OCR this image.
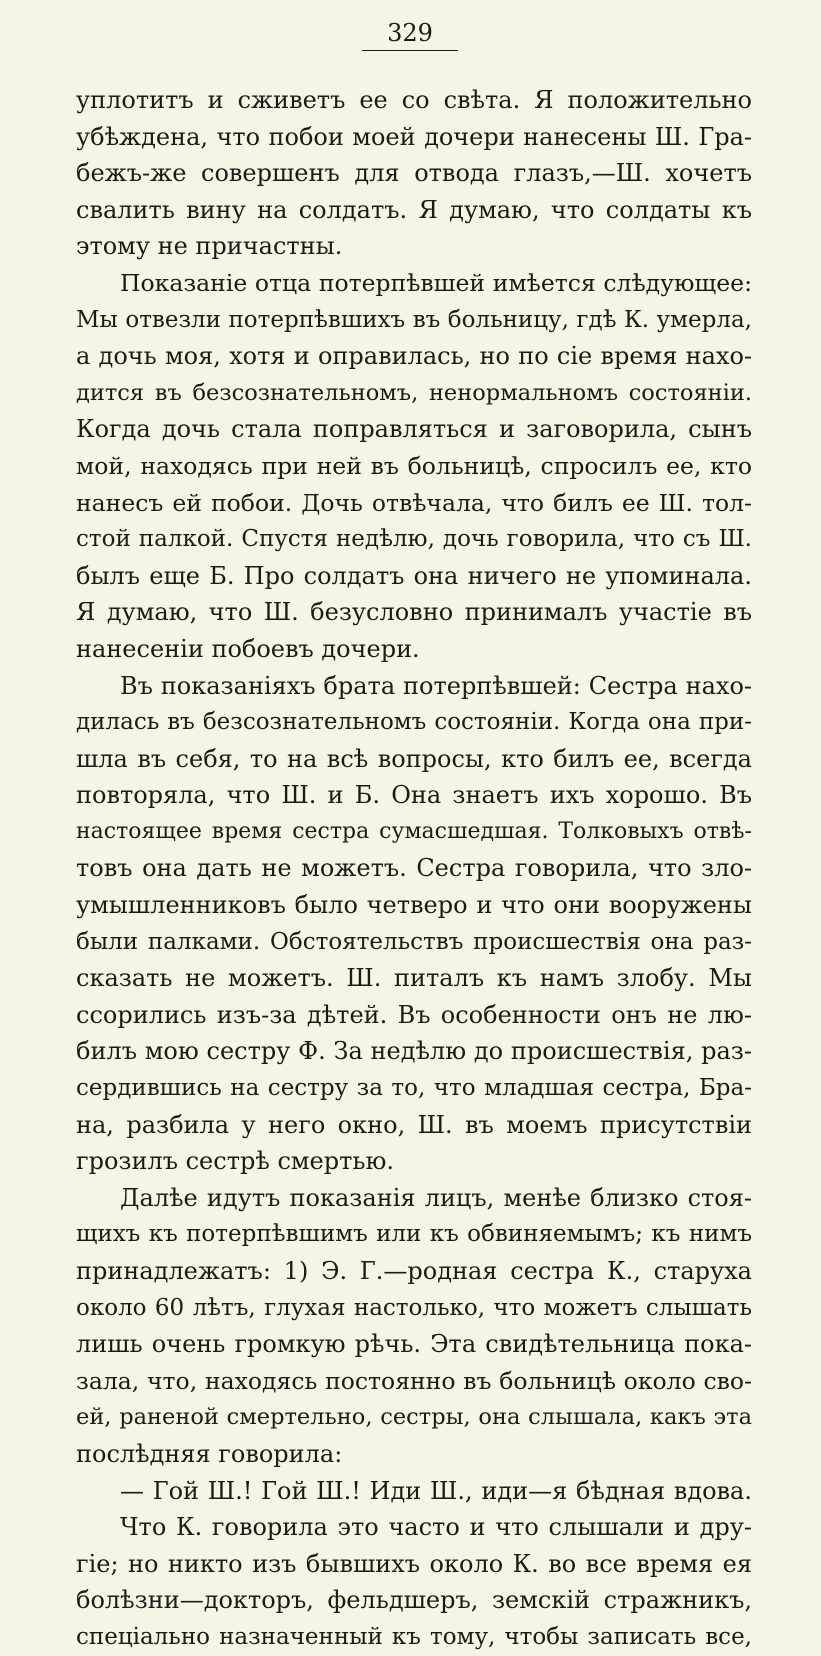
329
уплотитъ и сживетъ ее со свѣта. Я положительно
убѣждена, что побои моей дочери нанесены Ш. Гра-
бежъ-же совершенъ для отвода глазъ,—Ш. хочетъ
свалить вину на солдатъ. Я думаю, что солдаты къ
этому не причастны.
Показаніе отца потерпѣвшей имѣется слѣдующее:
Мы отвезли потерпѣвшихъ въ больницу, гдѣ К. умерла,
а дочь моя, хотя и оправилась, но по сіе время нахо-
дится въ безсознательномъ, ненормальномъ состояніи.
Когда дочь стала поправляться и заговорила, сынъ
мой, находясь при ней въ больницѣ, спросилъ ее, кто
нанесъ ей побои. Дочь отвѣчала, что билъ ее Ш. тол-
стой палкой. Спустя недѣлю, дочь говорила, что съ Ш.
былъ еще Б. Про солдатъ она ничего не упоминала.
Я думаю, что Ш. безусловно принималъ участіе въ
нанесеніи побоевъ дочери.
Въ показаніяхъ брата потерпѣвшей: Сестра нахо-
дилась въ безсознательномъ состояніи. Когда она при-
шла въ себя, то на всѣ вопросы, кто билъ ее, всегда
повторяла, что Ш. и Б. Она знаетъ ихъ хорошо. Въ
настоящее время сестра сумасшедшая. Толковыхъ отвѣ-
товъ она дать не можетъ. Сестра говорила, что зло-
умышленниковъ было четверо и что они вооружены
были палками. Обстоятельствъ происшествія она раз-
сказать не можетъ. Ш. питалъ къ намъ злобу. Мы
ссорились изъ-за дѣтей. Въ особенности онъ не лю-
билъ мою сестру Ф. За недѣлю до происшествія, раз-
сердившись на сестру за то, что младшая сестра, Бра-
на, разбила у него окно, Ш. въ моемъ присутствіи
грозилъ сестрѣ смертью.
Далѣе идутъ показанія лицъ, менѣе близко стоя-
щихъ къ потерпѣвшимъ или къ обвиняемымъ; къ нимъ
принадлежатъ: 1) Э. Г.—родная сестра К., старуха
около 60 лѣтъ, глухая настолько, что можетъ слышать
лишь очень громкую рѣчь. Эта свидѣтельница пока-
зала, что, находясь постоянно въ больницѣ около сво-
ей, раненой смертельно, сестры, она слышала, какъ эта
послѣдняя говорила:
— Гой Ш.! Гой Ш.! Иди Ш., иди—я бѣдная вдова.
Что К. говорила это часто и что слышали и дру-
гіе; но никто изъ бывшихъ около К. во все время ея
болѣзни—докторъ, фельдшеръ, земскій стражникъ,
спеціально назначенный къ тому, чтобы записать все,
